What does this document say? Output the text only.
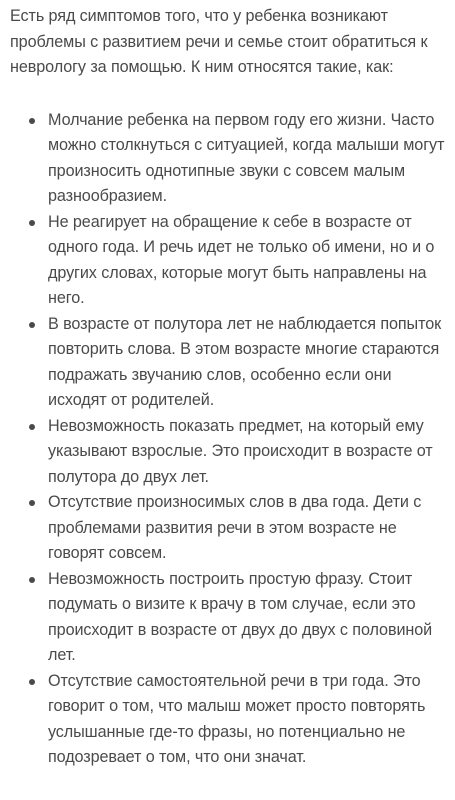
Есть ряд симптомов того, что у ребенка возникают проблемы с развитием речи и семье стоит обратиться к неврологу за помощью. К ним относятся такие, как:

Молчание ребенка на первом году его жизни. Часто можно столкнуться с ситуацией, когда малыши могут произносить однотипные звуки с совсем малым разнообразием.
Не реагирует на обращение к себе в возрасте от одного года. И речь идет не только об имени, но и о других словах, которые могут быть направлены на него.
В возрасте от полутора лет не наблюдается попыток повторить слова. В этом возрасте многие стараются подражать звучанию слов, особенно если они исходят от родителей.
Невозможность показать предмет, на который ему указывают взрослые. Это происходит в возрасте от полутора до двух лет.
Отсутствие произносимых слов в два года. Дети с проблемами развития речи в этом возрасте не говорят совсем.
Невозможность построить простую фразу. Стоит подумать о визите к врачу в том случае, если это происходит в возрасте от двух до двух с половиной лет.
Отсутствие самостоятельной речи в три года. Это говорит о том, что малыш может просто повторять услышанные где-то фразы, но потенциально не подозревает о том, что они значат.
